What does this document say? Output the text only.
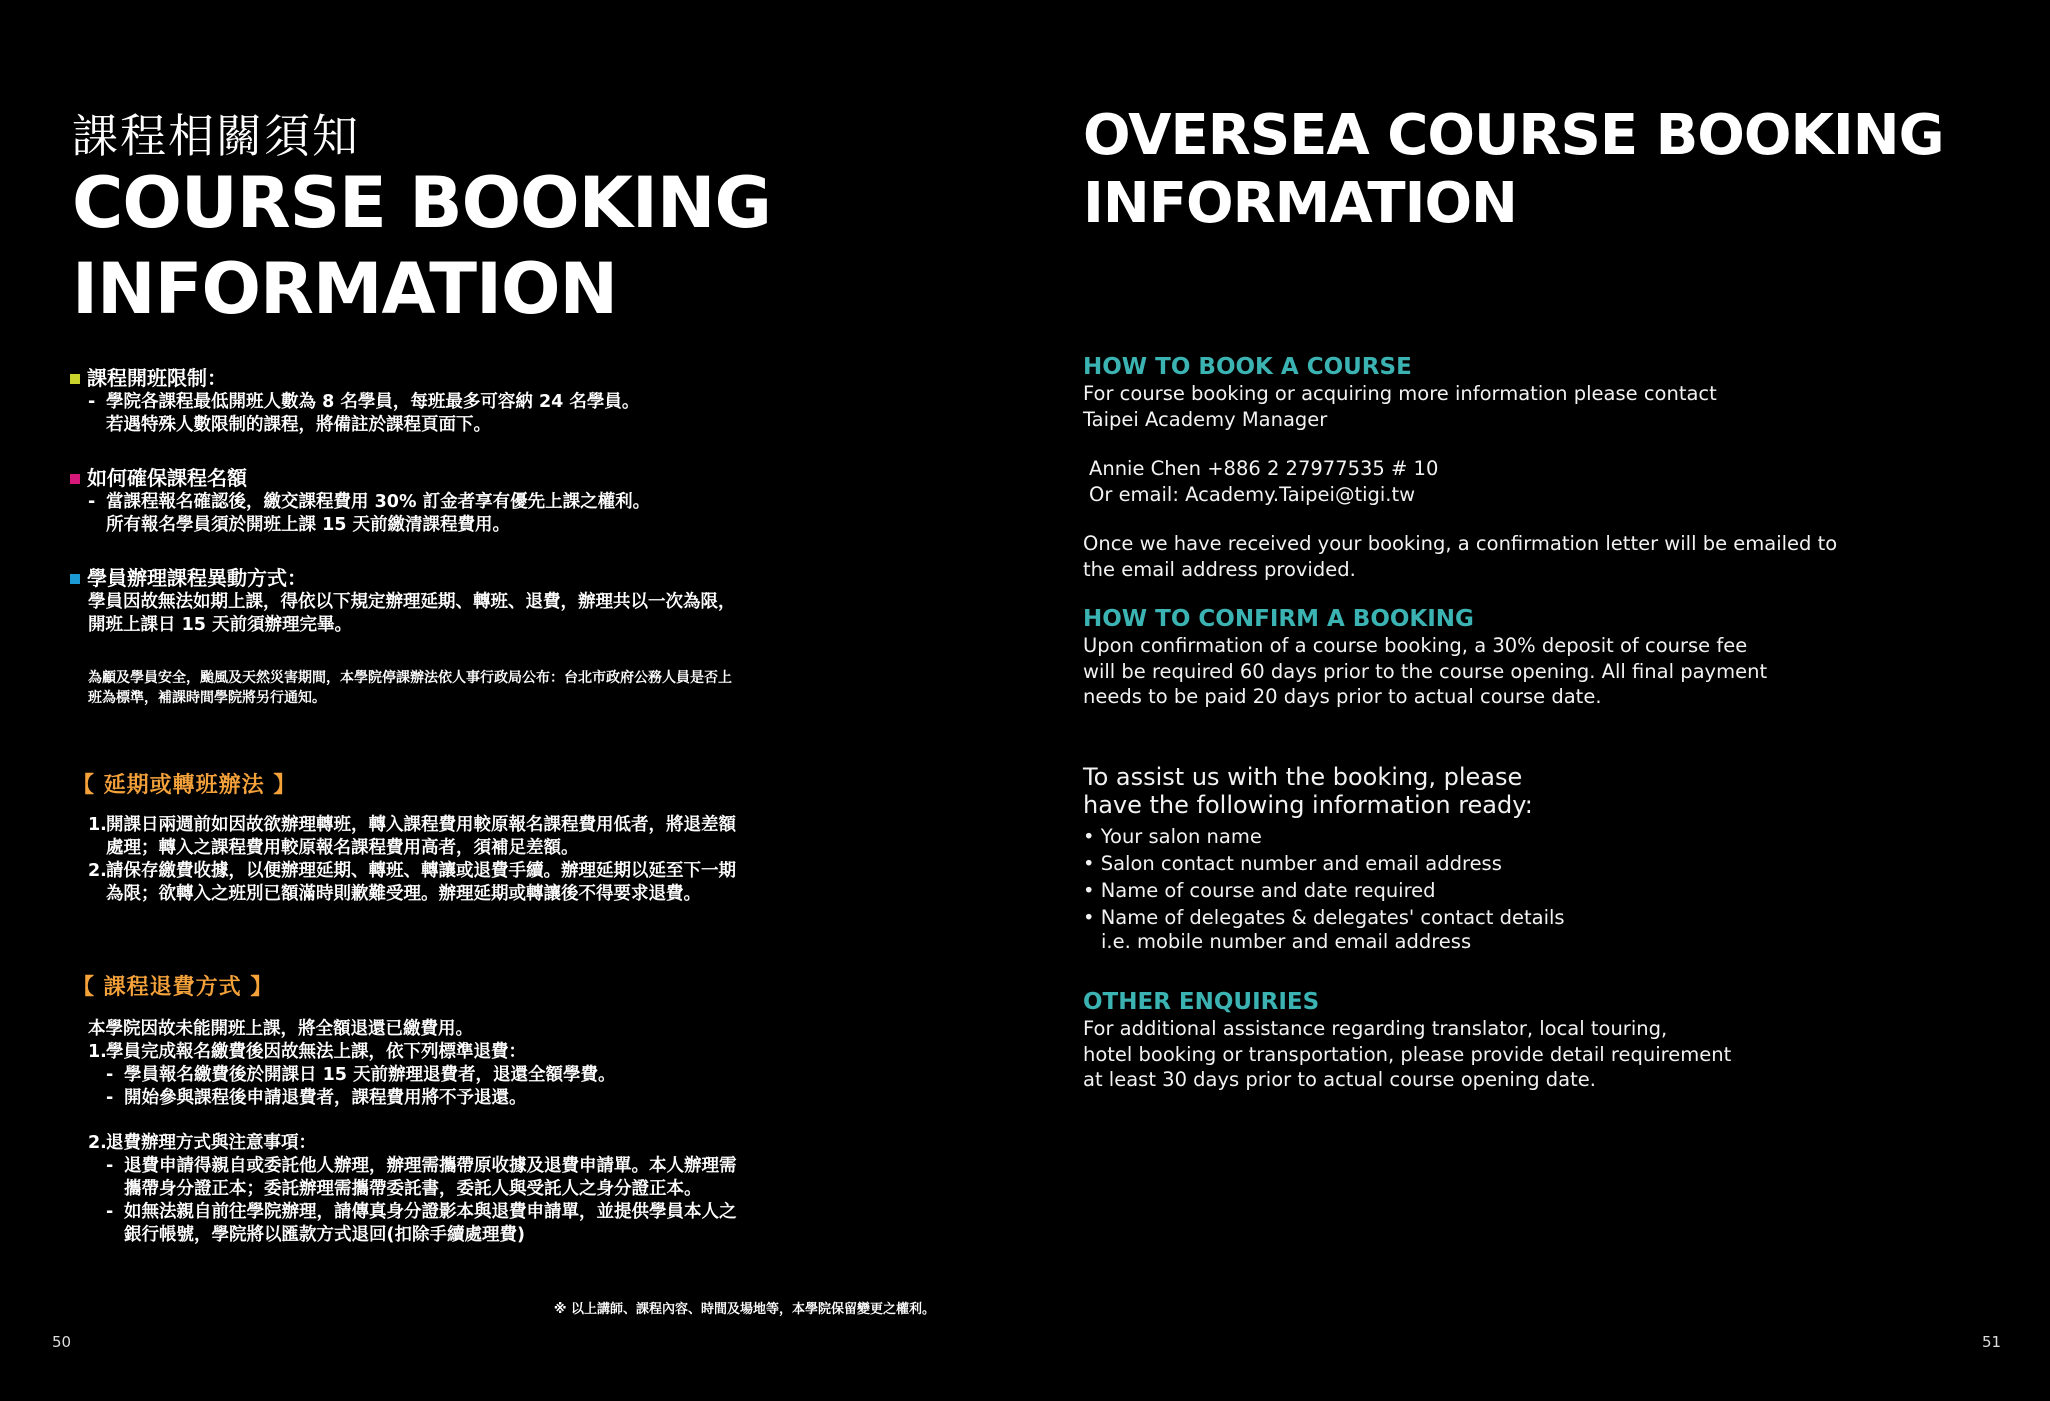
課程相關須知
COURSE BOOKING
INFORMATION
課程開班限制：
- 學院各課程最低開班人數為 8 名學員，每班最多可容納 24 名學員。
若遇特殊人數限制的課程，將備註於課程頁面下。
如何確保課程名額
- 當課程報名確認後，繳交課程費用 30% 訂金者享有優先上課之權利。
所有報名學員須於開班上課 15 天前繳清課程費用。
學員辦理課程異動方式：
學員因故無法如期上課，得依以下規定辦理延期、轉班、退費，辦理共以一次為限，
開班上課日 15 天前須辦理完畢。
為顧及學員安全，颱風及天然災害期間，本學院停課辦法依人事行政局公布：台北市政府公務人員是否上
班為標準，補課時間學院將另行通知。
【 延期或轉班辦法 】
1.開課日兩週前如因故欲辦理轉班，轉入課程費用較原報名課程費用低者，將退差額
處理；轉入之課程費用較原報名課程費用高者，須補足差額。
2.請保存繳費收據，以便辦理延期、轉班、轉讓或退費手續。辦理延期以延至下一期
為限；欲轉入之班別已額滿時則歉難受理。辦理延期或轉讓後不得要求退費。
【 課程退費方式 】
本學院因故未能開班上課，將全額退還已繳費用。
1.學員完成報名繳費後因故無法上課，依下列標準退費：
- 學員報名繳費後於開課日 15 天前辦理退費者，退還全額學費。
- 開始參與課程後申請退費者，課程費用將不予退還。
2.退費辦理方式與注意事項：
- 退費申請得親自或委託他人辦理，辦理需攜帶原收據及退費申請單。本人辦理需
攜帶身分證正本；委託辦理需攜帶委託書，委託人與受託人之身分證正本。
- 如無法親自前往學院辦理，請傳真身分證影本與退費申請單，並提供學員本人之
銀行帳號，學院將以匯款方式退回(扣除手續處理費)
※ 以上講師、課程內容、時間及場地等，本學院保留變更之權利。
50
OVERSEA COURSE BOOKING
INFORMATION
HOW TO BOOK A COURSE
For course booking or acquiring more information please contact
Taipei Academy Manager
Annie Chen +886 2 27977535 # 10
Or email: Academy.Taipei@tigi.tw
Once we have received your booking, a confirmation letter will be emailed to
the email address provided.
HOW TO CONFIRM A BOOKING
Upon confirmation of a course booking, a 30% deposit of course fee
will be required 60 days prior to the course opening. All final payment
needs to be paid 20 days prior to actual course date.
To assist us with the booking, please
have the following information ready:
• Your salon name
• Salon contact number and email address
• Name of course and date required
• Name of delegates & delegates' contact details
i.e. mobile number and email address
OTHER ENQUIRIES
For additional assistance regarding translator, local touring,
hotel booking or transportation, please provide detail requirement
at least 30 days prior to actual course opening date.
51
